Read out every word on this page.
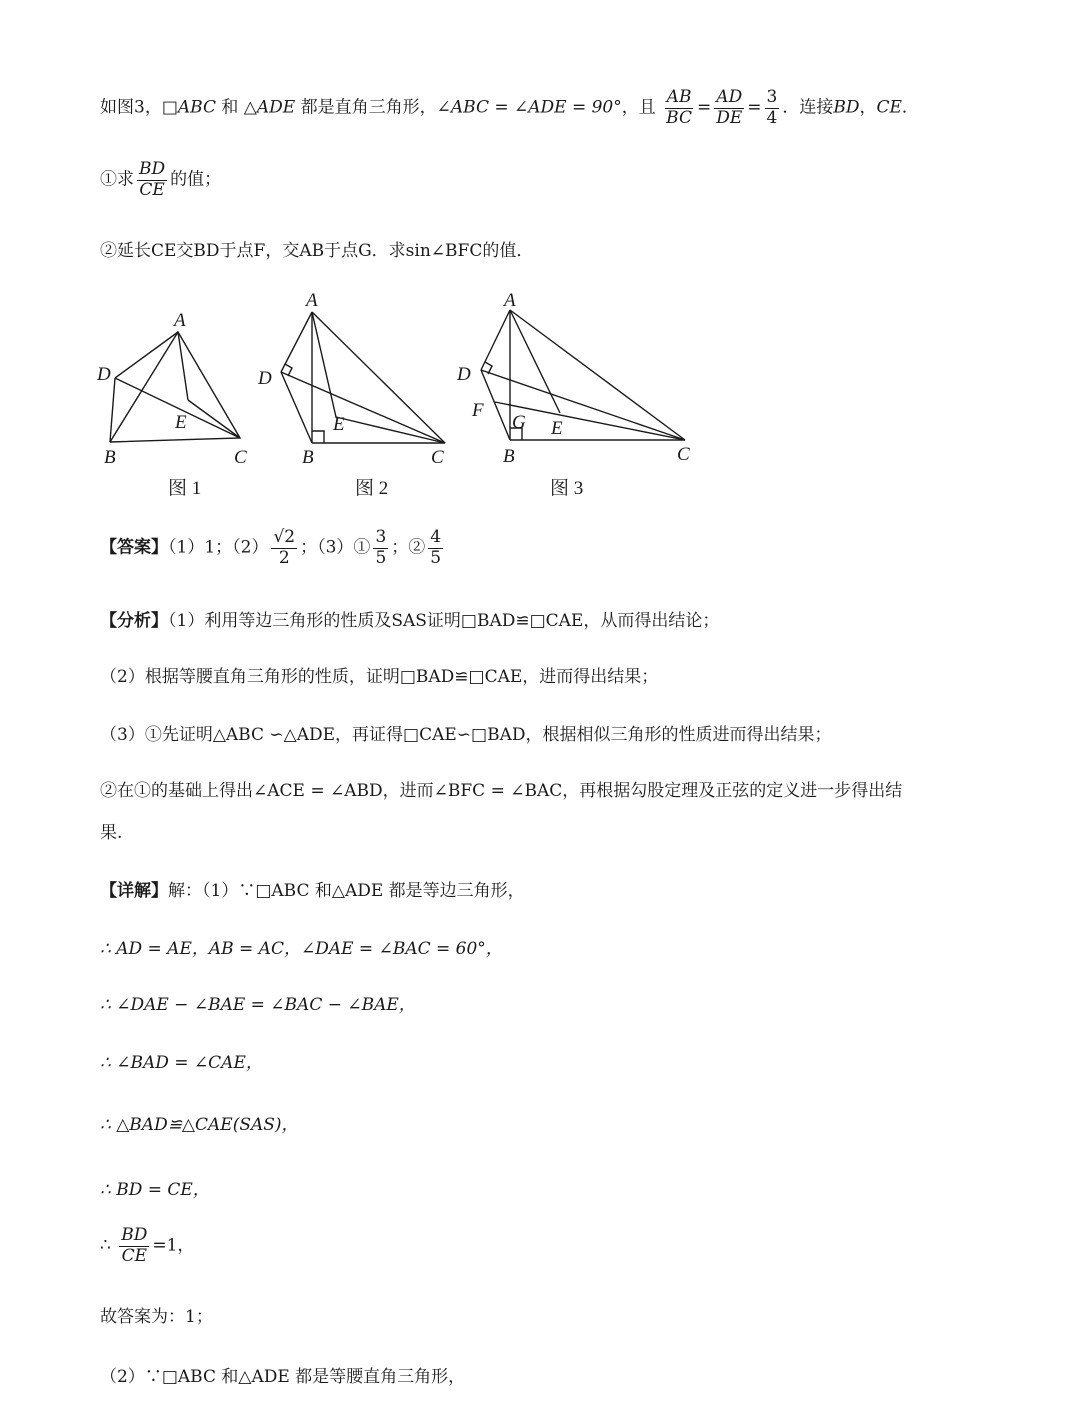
如图3，□ABC 和 △ADE 都是直角三角形，∠ABC = ∠ADE = 90°，且 $\frac{AB}{BC} = \frac{AD}{DE} = \frac{3}{4}$ ．连接BD，CE．
①求 $\frac{BD}{CE}$ 的值；
②延长CE交BD于点F，交AB于点G．求sin∠BFC的值．
A
D
E
B	C
图 1
A
D
E
B	C
图 2
A
D
F
G E
B	C
图 3
【答案】（1）1；$(2) \frac{√2}{2}$ ；（3）① $\frac{3}{5}$ ；② $\frac{4}{5}$
【分析】（1）利用等边三角形的性质及SAS证明□BAD≌□CAE，从而得出结论；
（2）根据等腰直角三角形的性质，证明□BAD≌□CAE，进而得出结果；
（3）①先证明△ABC ∽△ADE，再证得□CAE∽□BAD，根据相似三角形的性质进而得出结果；
②在①的基础上得出∠ACE = ∠ABD，进而∠BFC = ∠BAC，再根据勾股定理及正弦的定义进一步得出结
果.
【详解】解：（1）∵□ABC 和△ADE 都是等边三角形，
∴ AD = AE，AB = AC，∠DAE = ∠BAC = 60°，
∴ ∠DAE − ∠BAE = ∠BAC − ∠BAE，
∴ ∠BAD = ∠CAE，
∴ △BAD≌△CAE(SAS)，
∴ BD = CE，
∴ $\frac{BD}{CE} =1$，
故答案为：1；
（2）∵□ABC 和△ADE 都是等腰直角三角形，
